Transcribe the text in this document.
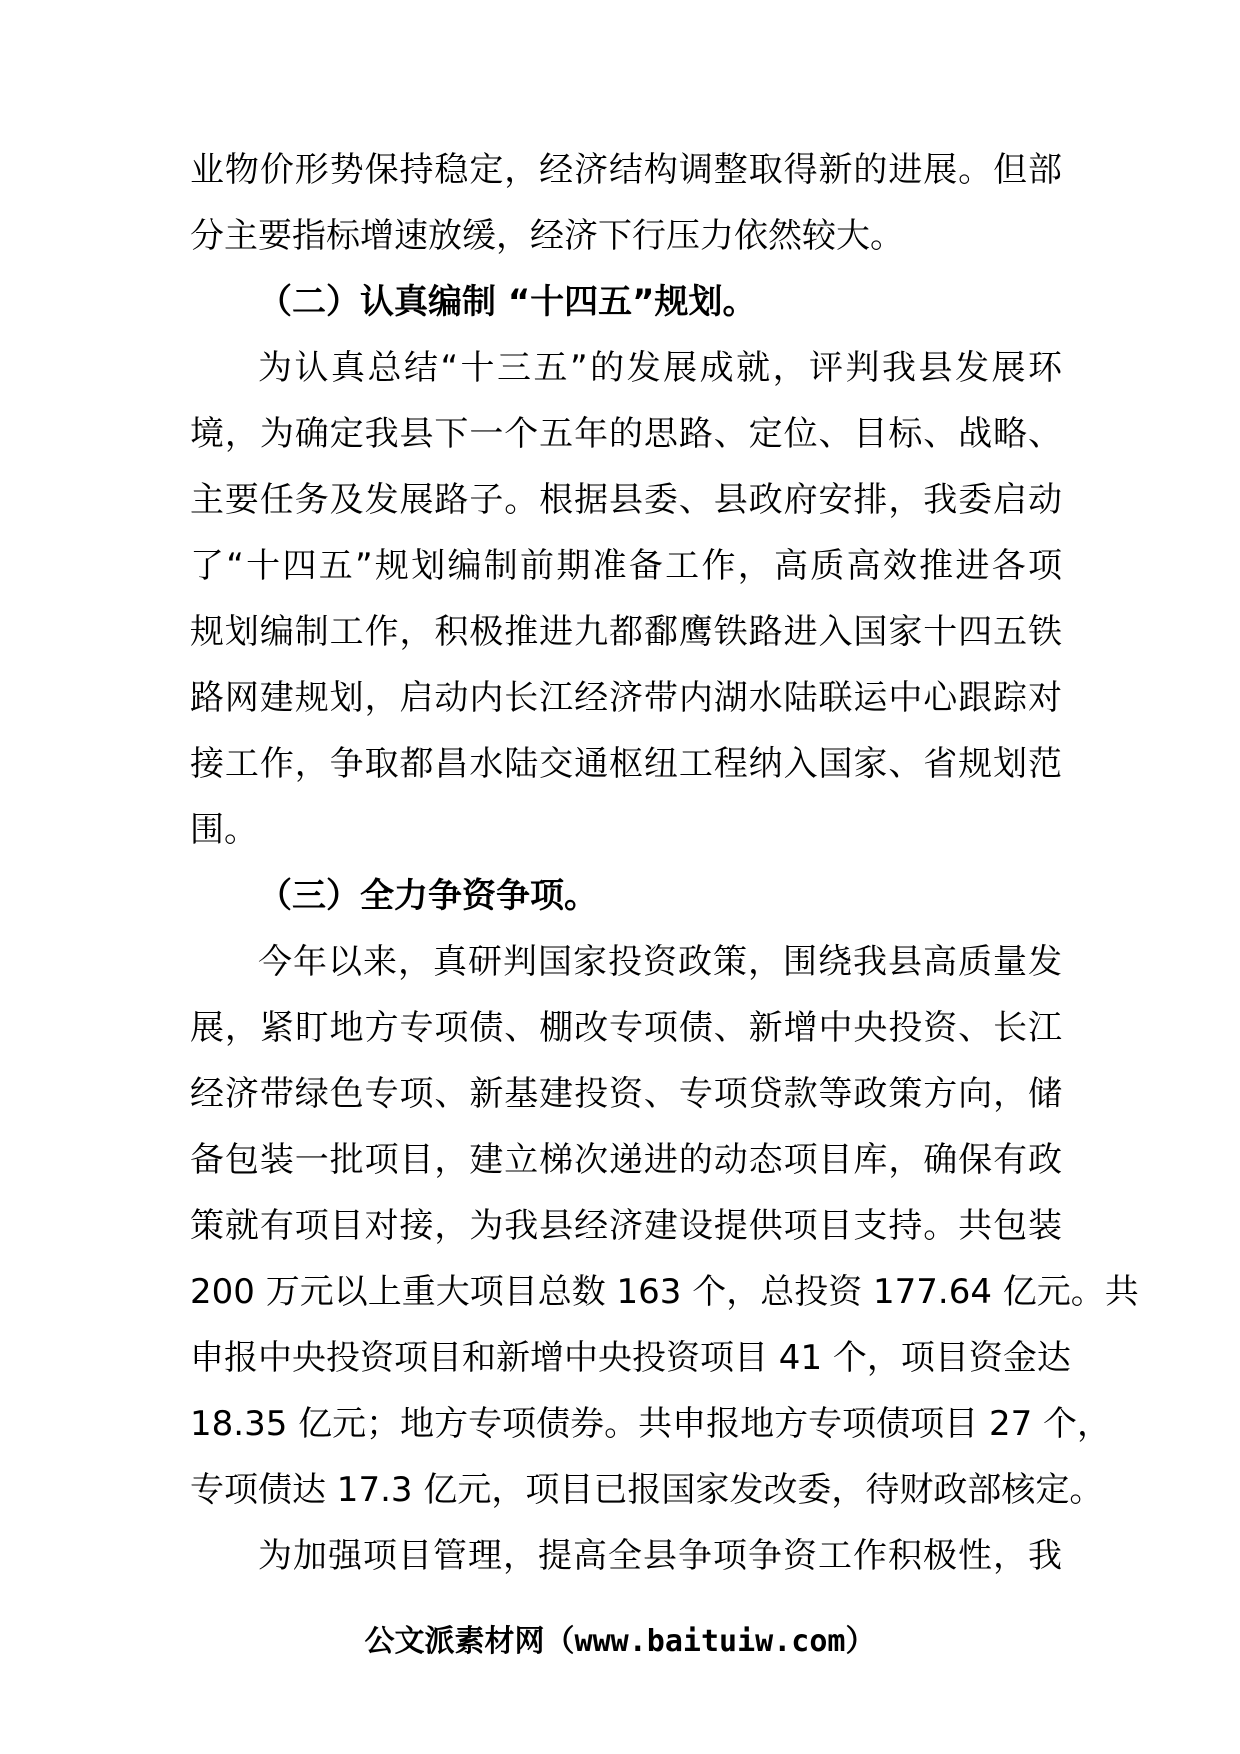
业物价形势保持稳定，经济结构调整取得新的进展。但部
分主要指标增速放缓，经济下行压力依然较大。
（二）认真编制 “十四五”规划。
为认真总结“十三五”的发展成就，评判我县发展环
境，为确定我县下一个五年的思路、定位、目标、战略、
主要任务及发展路子。根据县委、县政府安排，我委启动
了“十四五”规划编制前期准备工作，高质高效推进各项
规划编制工作，积极推进九都鄱鹰铁路进入国家十四五铁
路网建规划，启动内长江经济带内湖水陆联运中心跟踪对
接工作，争取都昌水陆交通枢纽工程纳入国家、省规划范
围。
（三）全力争资争项。
今年以来，真研判国家投资政策，围绕我县高质量发
展，紧盯地方专项债、棚改专项债、新增中央投资、长江
经济带绿色专项、新基建投资、专项贷款等政策方向，储
备包装一批项目，建立梯次递进的动态项目库，确保有政
策就有项目对接，为我县经济建设提供项目支持。共包装
200 万元以上重大项目总数 163 个，总投资 177.64 亿元。共
申报中央投资项目和新增中央投资项目 41 个，项目资金达
18.35 亿元；地方专项债券。共申报地方专项债项目 27 个，
专项债达 17.3 亿元，项目已报国家发改委，待财政部核定。
为加强项目管理，提高全县争项争资工作积极性，我
公文派素材网（www.baituiw.com）
